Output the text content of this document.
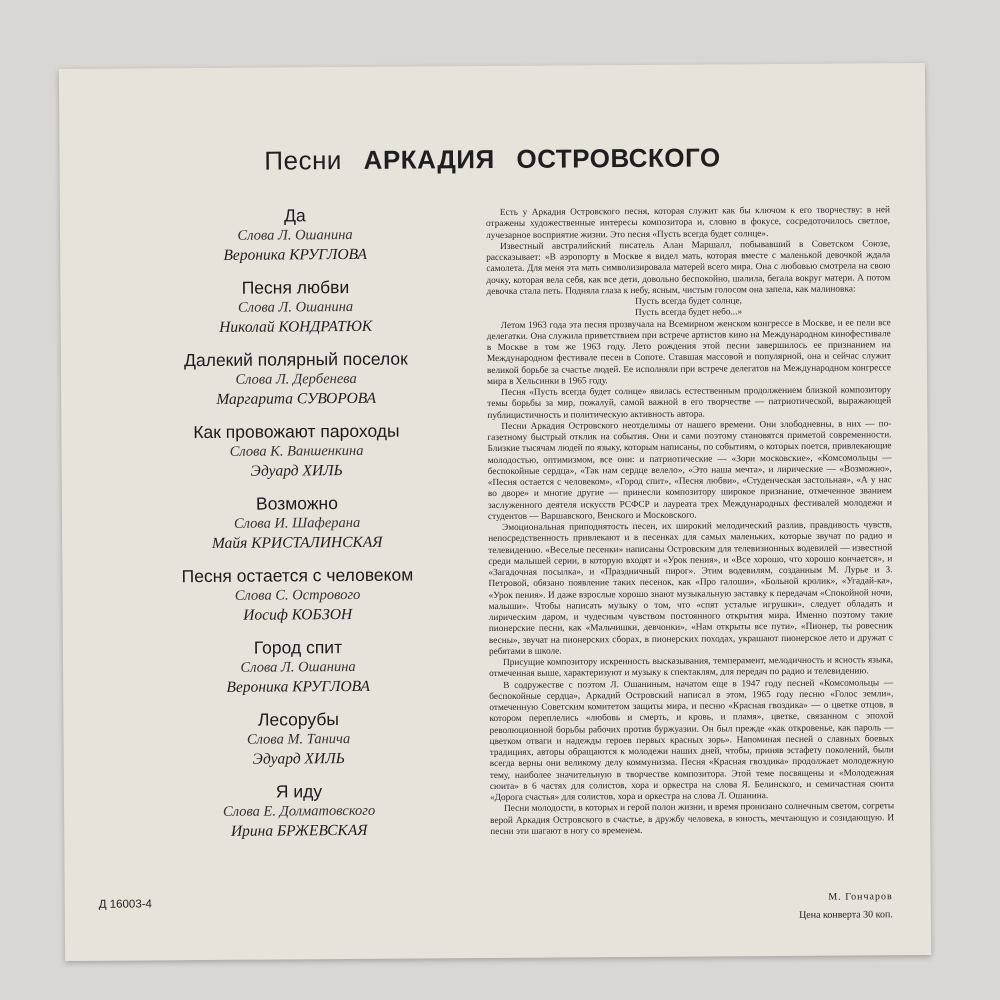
Песни АРКАДИЯ ОСТРОВСКОГО
Да
Слова Л. Ошанина
Вероника КРУГЛОВА
Песня любви
Слова Л. Ошанина
Николай КОНДРАТЮК
Далекий полярный поселок
Слова Л. Дербенева
Маргарита СУВОРОВА
Как провожают пароходы
Слова К. Ваншенкина
Эдуард ХИЛЬ
Возможно
Слова И. Шаферана
Майя КРИСТАЛИНСКАЯ
Песня остается с человеком
Слова С. Острового
Иосиф КОБЗОН
Город спит
Слова Л. Ошанина
Вероника КРУГЛОВА
Лесорубы
Слова М. Танича
Эдуард ХИЛЬ
Я иду
Слова Е. Долматовского
Ирина БРЖЕВСКАЯ
Д 16003-4

Есть у Аркадия Островского песня, которая служит как бы ключом к его творчеству: в ней отражены художественные интересы композитора и, словно в фокусе, сосредоточилось светлое, лучезарное восприятие жизни. Это песня «Пусть всегда будет солнце».

Известный австралийский писатель Алан Маршалл, побывавший в Советском Союзе, рассказывает: «В аэропорту в Москве я видел мать, которая вместе с маленькой девочкой ждала самолета. Для меня эта мать символизировала матерей всего мира. Она с любовью смотрела на свою дочку, которая вела себя, как все дети, довольно беспокойно, шалила, бегала вокруг матери. А потом девочка стала петь. Подняла глаза к небу, ясным, чистым голосом она запела, как малиновка:

Пусть всегда будет солнце,

Пусть всегда будет небо...»

Летом 1963 года эта песня прозвучала на Всемирном женском конгрессе в Москве, и ее пели все делегатки. Она служила приветствием при встрече артистов кино на Международном кинофестивале в Москве в том же 1963 году. Лето рождения этой песни завершилось ее признанием на Международном фестивале песен в Сопоте. Ставшая массовой и популярной, она и сейчас служит великой борьбе за счастье людей. Ее исполняли при встрече делегатов на Международном конгрессе мира в Хельсинки в 1965 году.

Песня «Пусть всегда будет солнце» явилась естественным продолжением близкой композитору темы борьбы за мир, пожалуй, самой важной в его творчестве — патриотической, выражающей публицистичность и политическую активность автора.

Песни Аркадия Островского неотделимы от нашего времени. Они злободневны, в них — по-газетному быстрый отклик на события. Они и сами поэтому становятся приметой современности. Близкие тысячам людей по языку, которым написаны, по событиям, о которых поется, привлекающие молодостью, оптимизмом, все они: и патриотические — «Зори московские», «Комсомольцы — беспокойные сердца», «Так нам сердце велело», «Это наша мечта», и лирические — «Возможно», «Песня остается с человеком», «Город спит», «Песня любви», «Студенческая застольная», «А у нас во дворе» и многие другие — принесли композитору широкое признание, отмеченное званием заслуженного деятеля искусств РСФСР и лауреата трех Международных фестивалей молодежи и студентов — Варшавского, Венского и Московского.

Эмоциональная приподнятость песен, их широкий мелодический разлив, правдивость чувств, непосредственность привлекают и в песенках для самых маленьких, которые звучат по радио и телевидению. «Веселые песенки» написаны Островским для телевизионных водевилей — известной среди малышей серии, в которую входят и «Урок пения», и «Все хорошо, что хорошо кончается», и «Загадочная посылка», и «Праздничный пирог». Этим водевилям, созданным М. Лурье и З. Петровой, обязано появление таких песенок, как «Про галоши», «Больной кролик», «Угадай-ка», «Урок пения». И даже взрослые хорошо знают музыкальную заставку к передачам «Спокойной ночи, малыши». Чтобы написать музыку о том, что «спят усталые игрушки», следует обладать и лирическим даром, и чудесным чувством постоянного открытия мира. Именно поэтому такие пионерские песни, как «Мальчишки, девчонки», «Нам открыты все пути», «Пионер, ты ровесник весны», звучат на пионерских сборах, в пионерских походах, украшают пионерское лето и дружат с ребятами в школе.

Присущие композитору искренность высказывания, темперамент, мелодичность и ясность языка, отмеченная выше, характеризуют и музыку к спектаклям, для передач по радио и телевидению.

В содружестве с поэтом Л. Ошаниным, начатом еще в 1947 году песней «Комсомольцы — беспокойные сердца», Аркадий Островский написал в этом, 1965 году песню «Голос земли», отмеченную Советским комитетом защиты мира, и песню «Красная гвоздика» — о цветке отцов, в котором переплелись «любовь и смерть, и кровь, и пламя», цветке, связанном с эпохой революционной борьбы рабочих против буржуазии. Он был прежде «как откровенье, как пароль — цветком отваги и надежды героев первых красных зорь». Напоминая песней о славных боевых традициях, авторы обращаются к молодежи наших дней, чтобы, приняв эстафету поколений, были всегда верны они великому делу коммунизма. Песня «Красная гвоздика» продолжает молодежную тему, наиболее значительную в творчестве композитора. Этой теме посвящены и «Молодежная сюита» в 6 частях для солистов, хора и оркестра на слова Я. Белинского, и семичастная сюита «Дорога счастья» для солистов, хора и оркестра на слова Л. Ошанина.

Песни молодости, в которых и герой полон жизни, и время пронизано солнечным светом, согреты верой Аркадия Островского в счастье, в дружбу человека, в юность, мечтающую и созидающую. И песни эти шагают в ногу со временем.

М. Гончаров
Цена конверта 30 коп.
